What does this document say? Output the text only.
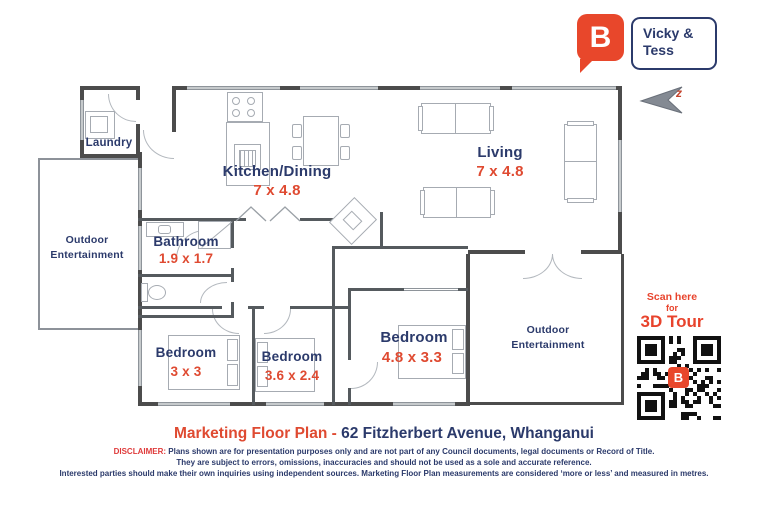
B	Vicky &
Tess
z
Laundry
Kitchen/Dining
7 x 4.8
Living
7 x 4.8
Bathroom
1.9 x 1.7
Bedroom
3 x 3
Bedroom
3.6 x 2.4
Bedroom
4.8 x 3.3
Outdoor
Entertainment
Outdoor
Entertainment
Scan here
for
3D Tour
B
Marketing Floor Plan - 62 Fitzherbert Avenue, Whanganui
DISCLAIMER: Plans shown are for presentation purposes only and are not part of any Council documents, legal documents or Record of Title.
They are subject to errors, omissions, inaccuracies and should not be used as a sole and accurate reference.
Interested parties should make their own inquiries using independent sources. Marketing Floor Plan measurements are considered ‘more or less’ and measured in metres.
